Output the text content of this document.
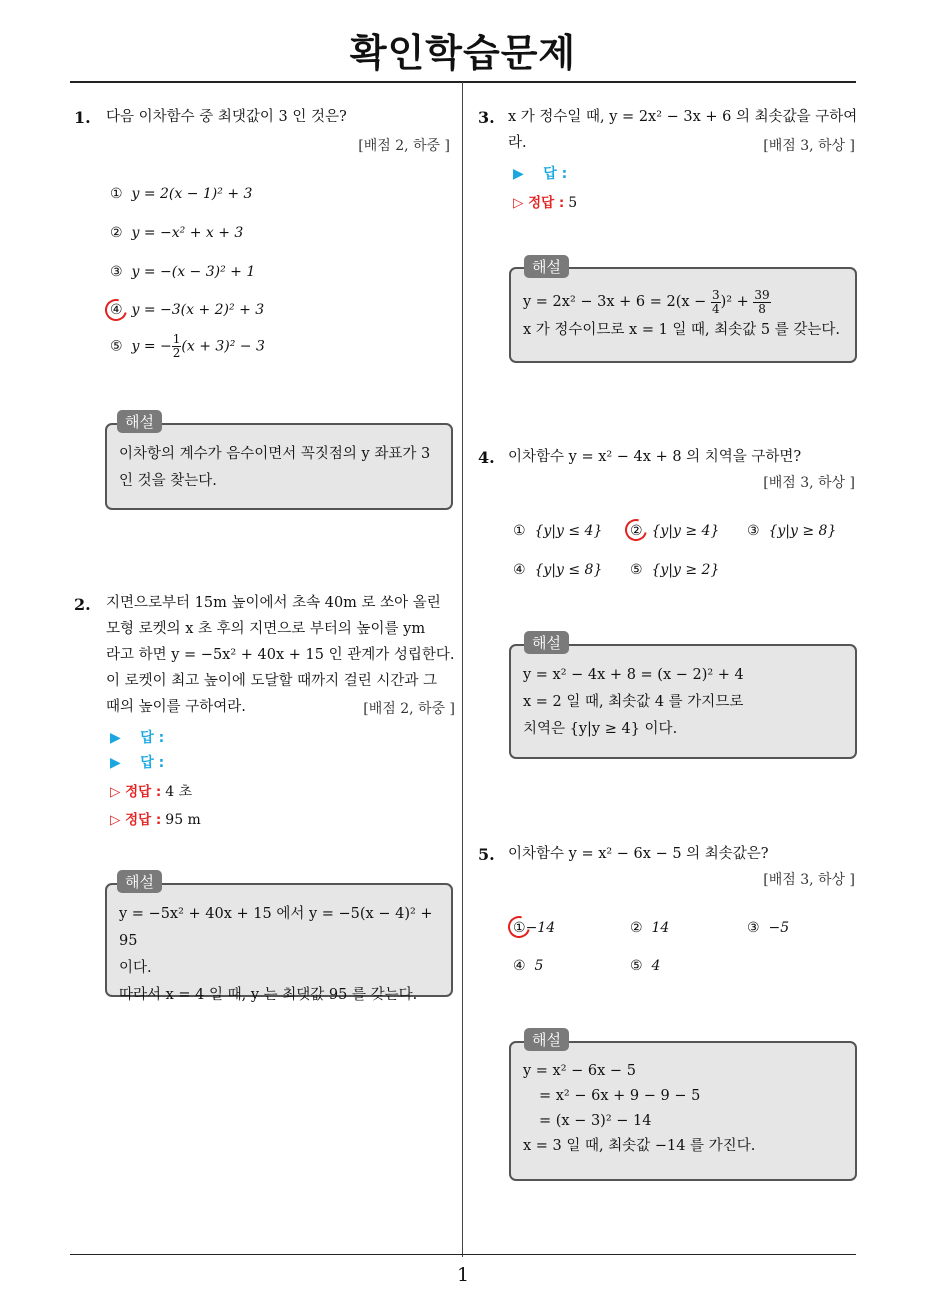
확인학습문제
1
1. 다음 이차함수 중 최댓값이 3 인 것은?
[배점 2, 하중 ]
① y = 2(x − 1)² + 3
② y = −x² + x + 3
③ y = −(x − 3)² + 1
④ y = −3(x + 2)² + 3
⑤ y = − $\frac{1}{2} (x + 3)^2 - 3$
이차항의 계수가 음수이면서 꼭짓점의 y 좌표가 3
인 것을 찾는다.
해설
2. 지면으로부터 15m 높이에서 초속 40m 로 쏘아 올린
모형 로켓의 x 초 후의 지면으로 부터의 높이를 ym
라고 하면 y = −5x² + 40x + 15 인 관계가 성립한다.
이 로켓이 최고 높이에 도달할 때까지 걸린 시간과 그
때의 높이를 구하여라.	[배점 2, 하중 ]
▶ 답 :
▶ 답 :
▷ 정답 : 4 초
▷ 정답 : 95 m
y = −5x² + 40x + 15 에서 y = −5(x − 4)² + 95
이다.
따라서 x = 4 일 때, y 는 최댓값 95 를 갖는다.
해설
3. x 가 정수일 때, y = 2x² − 3x + 6 의 최솟값을 구하여
라.	[배점 3, 하상 ]
▶ 답 :
▷ 정답 : 5
$y = 2x^2 - 3x + 6 = 2(x - \frac{3}{4} )^2 + \frac{39}{8}$
x 가 정수이므로 x = 1 일 때, 최솟값 5 를 갖는다.
해설
4. 이차함수 y = x² − 4x + 8 의 치역을 구하면?
[배점 3, 하상 ]
① {y|y ≤ 4} ② {y|y ≥ 4} ③ {y|y ≥ 8}
④ {y|y ≤ 8} ⑤ {y|y ≥ 2}
y = x² − 4x + 8 = (x − 2)² + 4
x = 2 일 때, 최솟값 4 를 가지므로
치역은 {y|y ≥ 4} 이다.
해설
5. 이차함수 y = x² − 6x − 5 의 최솟값은?
[배점 3, 하상 ]
①−14	② 14	③ −5
④ 5	⑤ 4
y = x² − 6x − 5
= x² − 6x + 9 − 9 − 5
= (x − 3)² − 14
x = 3 일 때, 최솟값 −14 를 가진다.
해설
